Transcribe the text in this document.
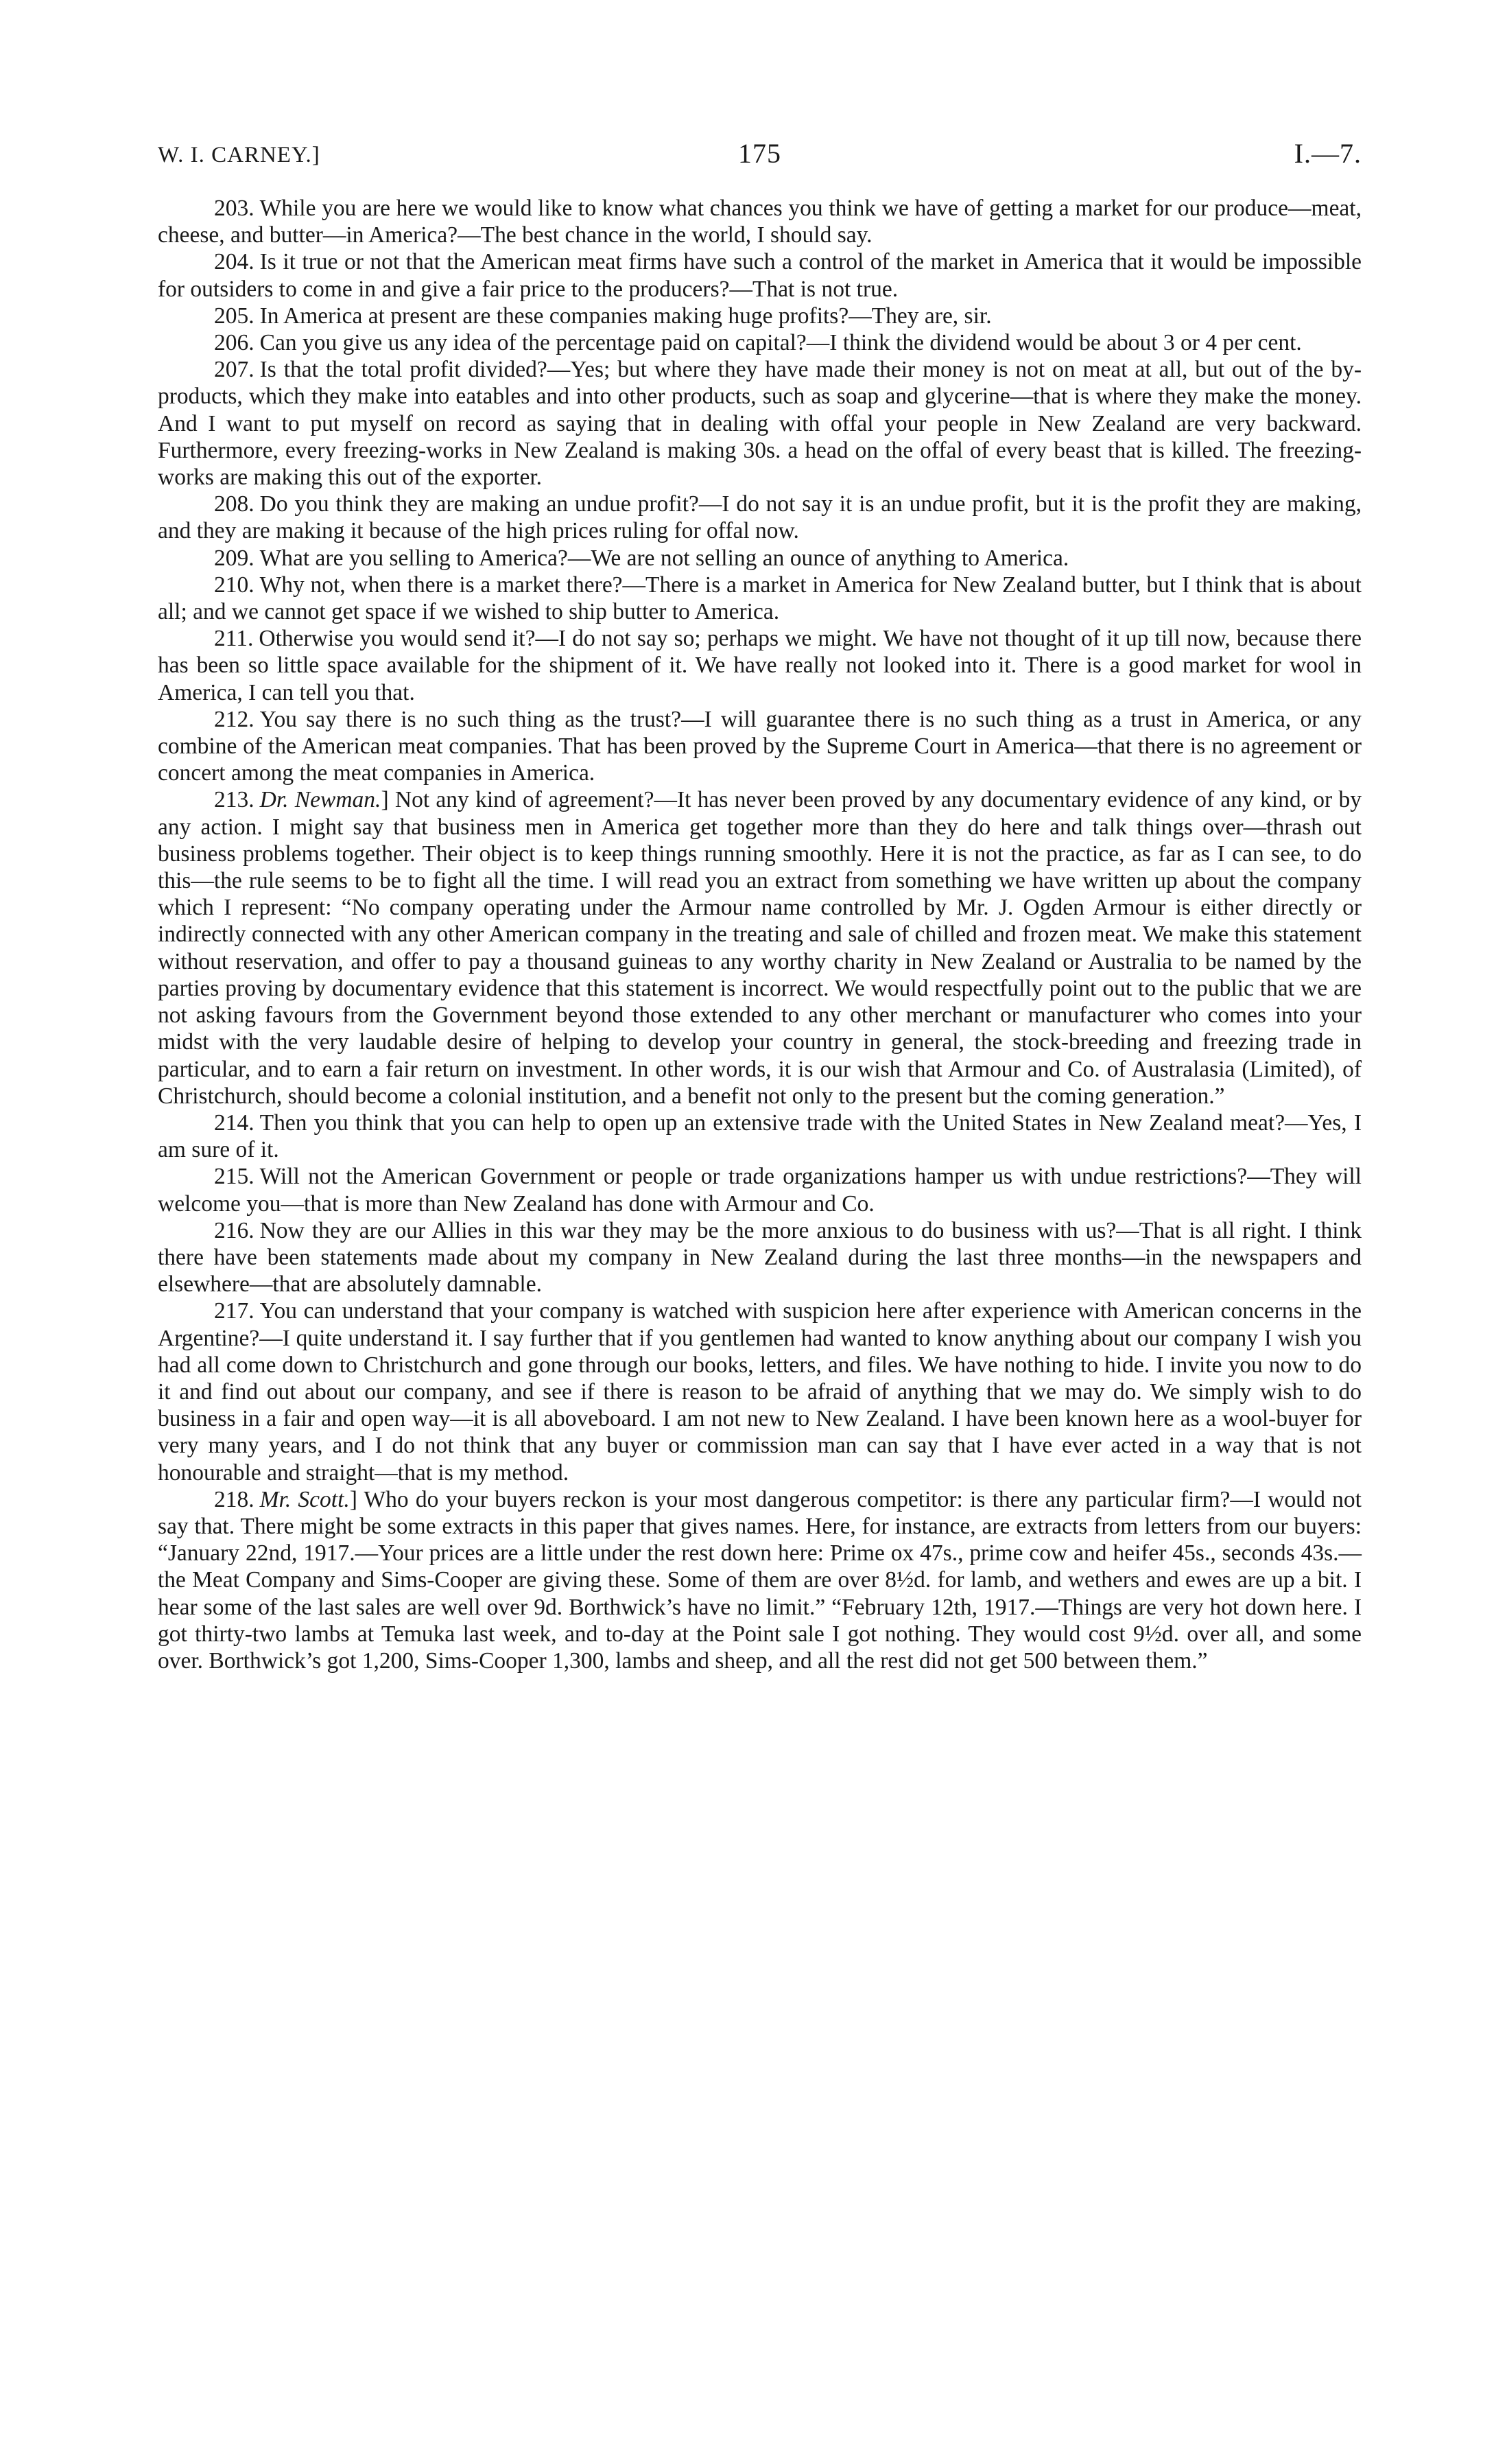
W. I. CARNEY.]	175	I.—7.

203. While you are here we would like to know what chances you think we have of getting a market for our produce—meat, cheese, and butter—in America?—The best chance in the world, I should say.

204. Is it true or not that the American meat firms have such a control of the market in America that it would be impossible for outsiders to come in and give a fair price to the producers?—That is not true.

205. In America at present are these companies making huge profits?—They are, sir.

206. Can you give us any idea of the percentage paid on capital?—I think the dividend would be about 3 or 4 per cent.

207. Is that the total profit divided?—Yes; but where they have made their money is not on meat at all, but out of the by-products, which they make into eatables and into other products, such as soap and glycerine—that is where they make the money. And I want to put myself on record as saying that in dealing with offal your people in New Zealand are very backward. Furthermore, every freezing-works in New Zealand is making 30s. a head on the offal of every beast that is killed. The freezing-works are making this out of the exporter.

208. Do you think they are making an undue profit?—I do not say it is an undue profit, but it is the profit they are making, and they are making it because of the high prices ruling for offal now.

209. What are you selling to America?—We are not selling an ounce of anything to America.

210. Why not, when there is a market there?—There is a market in America for New Zealand butter, but I think that is about all; and we cannot get space if we wished to ship butter to America.

211. Otherwise you would send it?—I do not say so; perhaps we might. We have not thought of it up till now, because there has been so little space available for the shipment of it. We have really not looked into it. There is a good market for wool in America, I can tell you that.

212. You say there is no such thing as the trust?—I will guarantee there is no such thing as a trust in America, or any combine of the American meat companies. That has been proved by the Supreme Court in America—that there is no agreement or concert among the meat companies in America.

213. Dr. Newman.] Not any kind of agreement?—It has never been proved by any documentary evidence of any kind, or by any action. I might say that business men in America get together more than they do here and talk things over—thrash out business problems together. Their object is to keep things running smoothly. Here it is not the practice, as far as I can see, to do this—the rule seems to be to fight all the time. I will read you an extract from something we have written up about the company which I represent: “No company operating under the Armour name controlled by Mr. J. Ogden Armour is either directly or indirectly connected with any other American company in the treating and sale of chilled and frozen meat. We make this statement without reservation, and offer to pay a thousand guineas to any worthy charity in New Zealand or Australia to be named by the parties proving by documentary evidence that this statement is incorrect. We would respectfully point out to the public that we are not asking favours from the Government beyond those extended to any other merchant or manufacturer who comes into your midst with the very laudable desire of helping to develop your country in general, the stock-breeding and freezing trade in particular, and to earn a fair return on investment. In other words, it is our wish that Armour and Co. of Australasia (Limited), of Christchurch, should become a colonial institution, and a benefit not only to the present but the coming generation.”

214. Then you think that you can help to open up an extensive trade with the United States in New Zealand meat?—Yes, I am sure of it.

215. Will not the American Government or people or trade organizations hamper us with undue restrictions?—They will welcome you—that is more than New Zealand has done with Armour and Co.

216. Now they are our Allies in this war they may be the more anxious to do business with us?—That is all right. I think there have been statements made about my company in New Zealand during the last three months—in the newspapers and elsewhere—that are absolutely damnable.

217. You can understand that your company is watched with suspicion here after experience with American concerns in the Argentine?—I quite understand it. I say further that if you gentlemen had wanted to know anything about our company I wish you had all come down to Christchurch and gone through our books, letters, and files. We have nothing to hide. I invite you now to do it and find out about our company, and see if there is reason to be afraid of anything that we may do. We simply wish to do business in a fair and open way—it is all aboveboard. I am not new to New Zealand. I have been known here as a wool-buyer for very many years, and I do not think that any buyer or commission man can say that I have ever acted in a way that is not honourable and straight—that is my method.

218. Mr. Scott.] Who do your buyers reckon is your most dangerous competitor: is there any particular firm?—I would not say that. There might be some extracts in this paper that gives names. Here, for instance, are extracts from letters from our buyers: “January 22nd, 1917.—Your prices are a little under the rest down here: Prime ox 47s., prime cow and heifer 45s., seconds 43s.—the Meat Company and Sims-Cooper are giving these. Some of them are over 8½d. for lamb, and wethers and ewes are up a bit. I hear some of the last sales are well over 9d. Borthwick’s have no limit.” “February 12th, 1917.—Things are very hot down here. I got thirty-two lambs at Temuka last week, and to-day at the Point sale I got nothing. They would cost 9½d. over all, and some over. Borthwick’s got 1,200, Sims-Cooper 1,300, lambs and sheep, and all the rest did not get 500 between them.”
